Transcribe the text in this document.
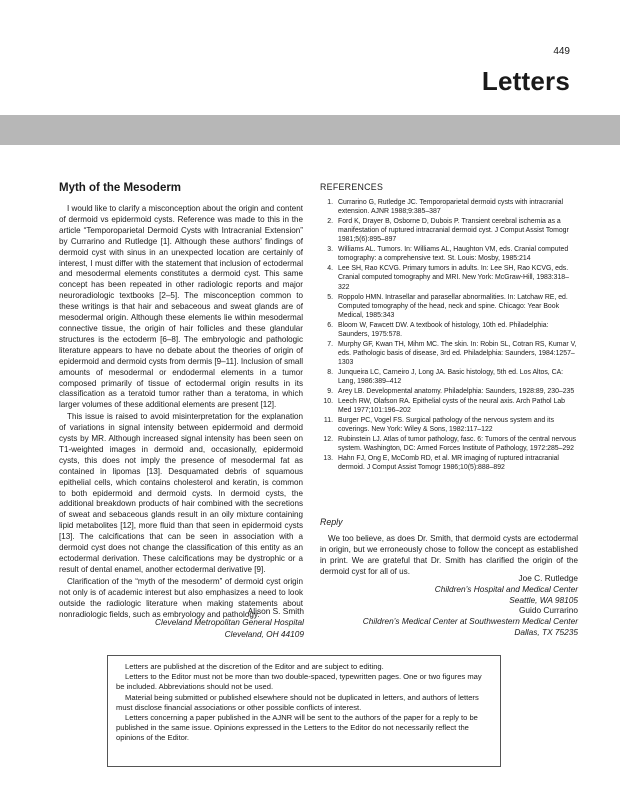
449
Letters
Myth of the Mesoderm

I would like to clarify a misconception about the origin and content of dermoid vs epidermoid cysts. Reference was made to this in the article “Temporoparietal Dermoid Cysts with Intracranial Extension” by Currarino and Rutledge [1]. Although these authors’ findings of dermoid cyst with sinus in an unexpected location are certainly of interest, I must differ with the statement that inclusion of ectodermal and mesodermal elements constitutes a dermoid cyst. This same concept has been repeated in other radiologic reports and major neuroradiologic textbooks [2–5]. The misconception common to these writings is that hair and sebaceous and sweat glands are of mesodermal origin. Although these elements lie within mesodermal connective tissue, the origin of hair follicles and these glandular structures is the ectoderm [6–8]. The embryologic and pathologic literature appears to have no debate about the theories of origin of epidermoid and dermoid cysts from dermis [9–11]. Inclusion of small amounts of mesodermal or endodermal elements in a tumor composed primarily of tissue of ectodermal origin results in its classification as a teratoid tumor rather than a teratoma, in which larger volumes of these additional elements are present [12].

This issue is raised to avoid misinterpretation for the explanation of variations in signal intensity between epidermoid and dermoid cysts by MR. Although increased signal intensity has been seen on T1-weighted images in dermoid and, occasionally, epidermoid cysts, this does not imply the presence of mesodermal fat as contained in lipomas [13]. Desquamated debris of squamous epithelial cells, which contains cholesterol and keratin, is common to both epidermoid and dermoid cysts. In dermoid cysts, the additional breakdown products of hair combined with the secretions of sweat and sebaceous glands result in an oily mixture containing lipid metabolites [12], more fluid than that seen in epidermoid cysts [13]. The calcifications that can be seen in association with a dermoid cyst does not change the classification of this entity as an ectodermal derivation. These calcifications may be dystrophic or a result of dental enamel, another ectodermal derivative [9].

Clarification of the “myth of the mesoderm” of dermoid cyst origin not only is of academic interest but also emphasizes a need to look outside the radiologic literature when making statements about nonradiologic fields, such as embryology and pathology.

Alison S. Smith
Cleveland Metropolitan General Hospital
Cleveland, OH 44109
REFERENCES
1. Currarino G, Rutledge JC. Temporoparietal dermoid cysts with intracranial extension. AJNR 1988;9:385–387
2. Ford K, Drayer B, Osborne D, Dubois P. Transient cerebral ischemia as a manifestation of ruptured intracranial dermoid cyst. J Comput Assist Tomogr 1981;5(6):895–897
3. Williams AL. Tumors. In: Williams AL, Haughton VM, eds. Cranial computed tomography: a comprehensive text. St. Louis: Mosby, 1985:214
4. Lee SH, Rao KCVG. Primary tumors in adults. In: Lee SH, Rao KCVG, eds. Cranial computed tomography and MRI. New York: McGraw-Hill, 1983:318–322
5. Roppolo HMN. Intrasellar and parasellar abnormalities. In: Latchaw RE, ed. Computed tomography of the head, neck and spine. Chicago: Year Book Medical, 1985:343
6. Bloom W, Fawcett DW. A textbook of histology, 10th ed. Philadelphia: Saunders, 1975:578.
7. Murphy GF, Kwan TH, Mihm MC. The skin. In: Robin SL, Cotran RS, Kumar V, eds. Pathologic basis of disease, 3rd ed. Philadelphia: Saunders, 1984:1257–1303
8. Junqueira LC, Carneiro J, Long JA. Basic histology, 5th ed. Los Altos, CA: Lang, 1986:389–412
9. Arey LB. Developmental anatomy. Philadelphia: Saunders, 1928:89, 230–235
10. Leech RW, Olafson RA. Epithelial cysts of the neural axis. Arch Pathol Lab Med 1977;101:196–202
11. Burger PC, Vogel FS. Surgical pathology of the nervous system and its coverings. New York: Wiley & Sons, 1982:117–122
12. Rubinstein LJ. Atlas of tumor pathology, fasc. 6: Tumors of the central nervous system. Washington, DC: Armed Forces Institute of Pathology, 1972:285–292
13. Hahn FJ, Ong E, McComb RD, et al. MR imaging of ruptured intracranial dermoid. J Comput Assist Tomogr 1986;10(5):888–892
Reply

We too believe, as does Dr. Smith, that dermoid cysts are ectodermal in origin, but we erroneously chose to follow the concept as established in print. We are grateful that Dr. Smith has clarified the origin of the dermoid cyst for all of us.

Joe C. Rutledge
Children’s Hospital and Medical Center
Seattle, WA 98105
Guido Currarino
Children’s Medical Center at Southwestern Medical Center
Dallas, TX 75235

Letters are published at the discretion of the Editor and are subject to editing.

Letters to the Editor must not be more than two double-spaced, typewritten pages. One or two figures may be included. Abbreviations should not be used.

Material being submitted or published elsewhere should not be duplicated in letters, and authors of letters must disclose financial associations or other possible conflicts of interest.

Letters concerning a paper published in the AJNR will be sent to the authors of the paper for a reply to be published in the same issue. Opinions expressed in the Letters to the Editor do not necessarily reflect the opinions of the Editor.
